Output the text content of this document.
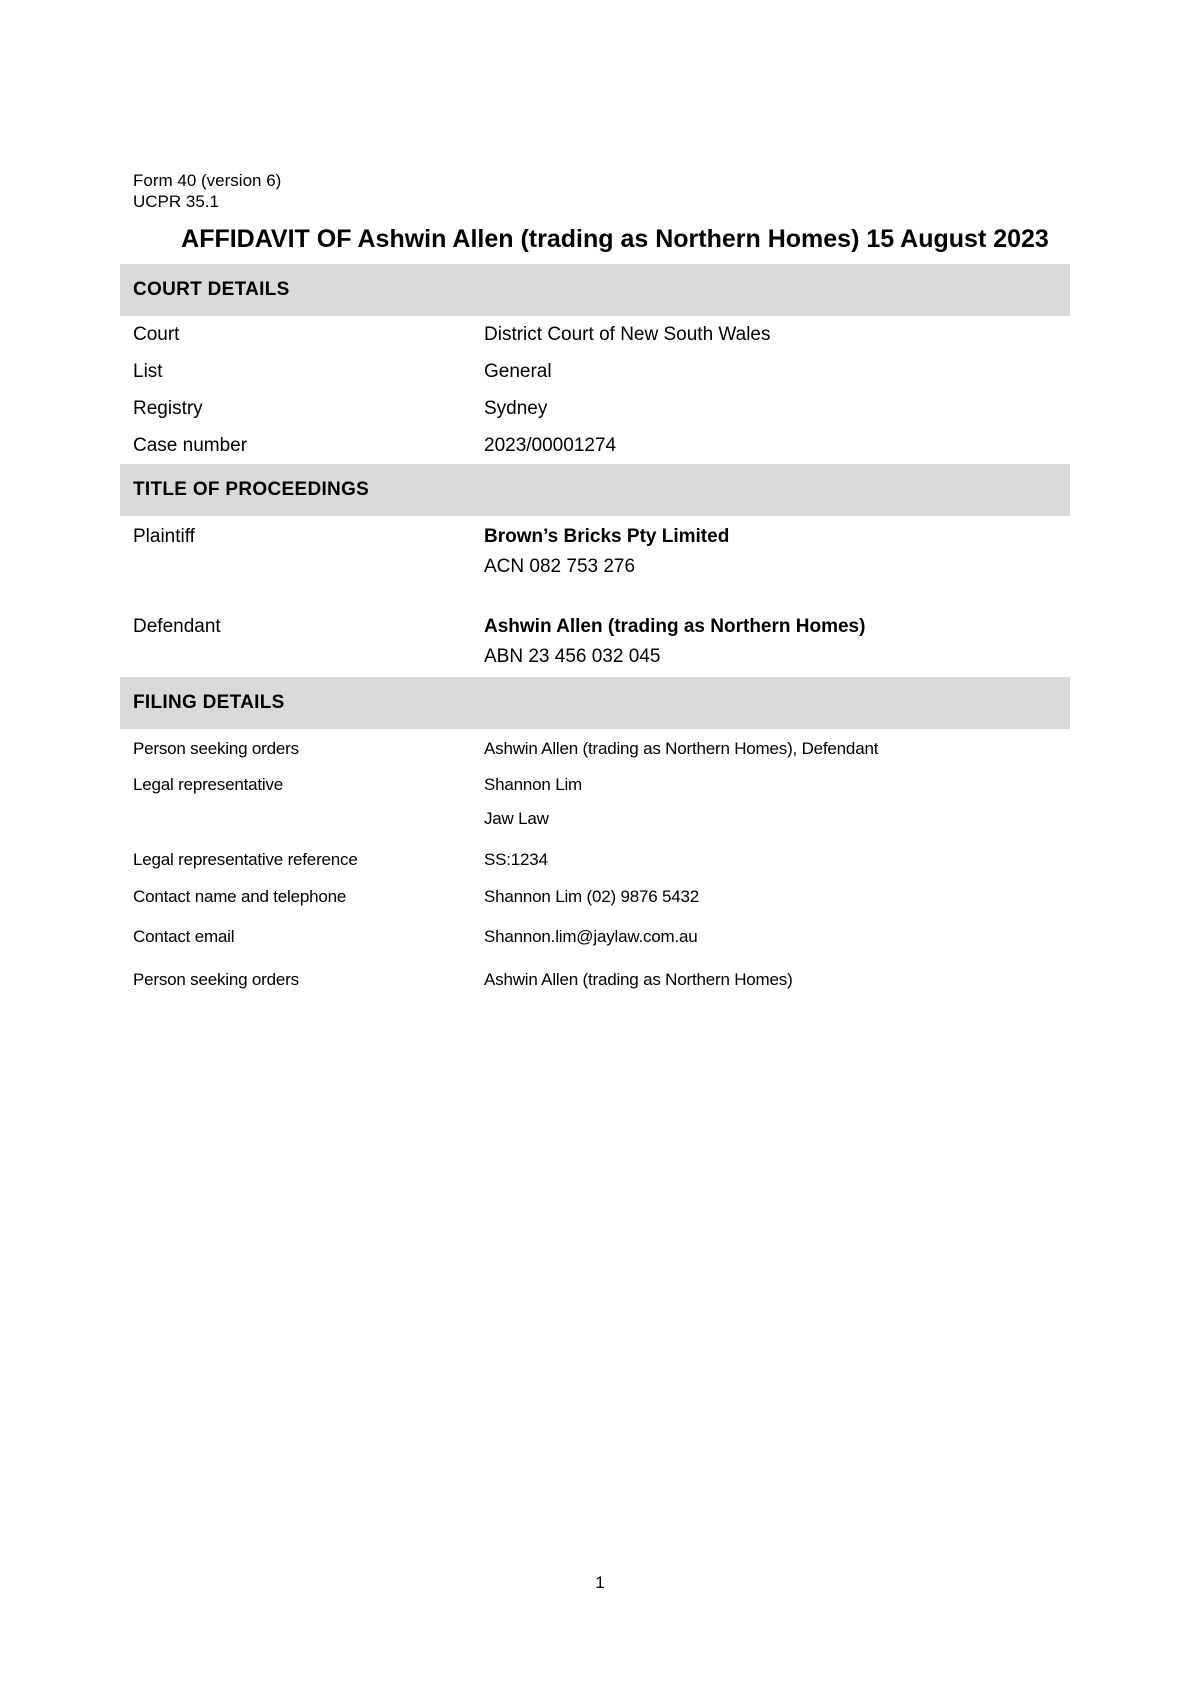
Form 40 (version 6)
UCPR 35.1
AFFIDAVIT OF Ashwin Allen (trading as Northern Homes) 15 August 2023
COURT DETAILS
Court	District Court of New South Wales
List	General
Registry	Sydney
Case number	2023/00001274
TITLE OF PROCEEDINGS
Plaintiff	Brown’s Bricks Pty Limited
ACN 082 753 276
Defendant	Ashwin Allen (trading as Northern Homes)
ABN 23 456 032 045
FILING DETAILS
Person seeking orders	Ashwin Allen (trading as Northern Homes), Defendant
Legal representative	Shannon Lim
Jaw Law
Legal representative reference	SS:1234
Contact name and telephone	Shannon Lim (02) 9876 5432
Contact email	Shannon.lim@jaylaw.com.au
Person seeking orders	Ashwin Allen (trading as Northern Homes)
1
